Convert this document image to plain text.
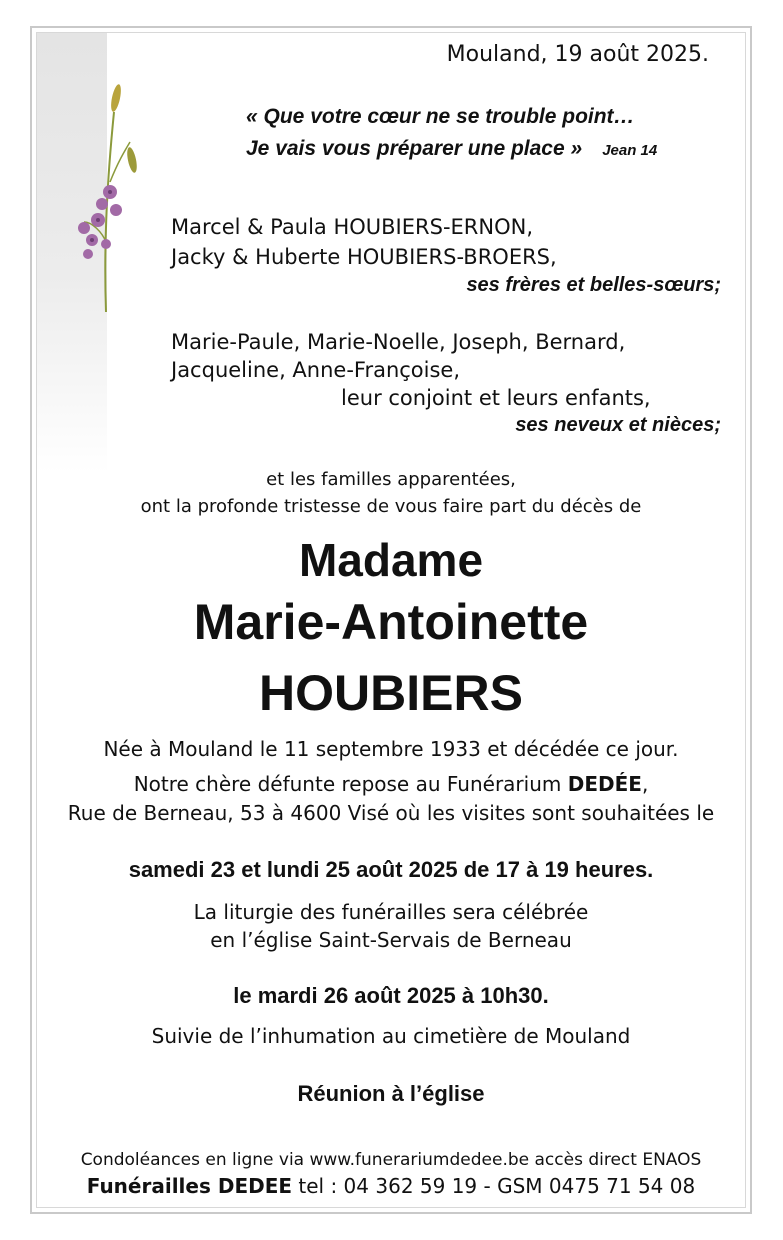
Mouland, 19 août 2025.
« Que votre cœur ne se trouble point…
Je vais vous préparer une place » Jean 14
Marcel & Paula HOUBIERS-ERNON,
Jacky & Huberte HOUBIERS-BROERS,
ses frères et belles-sœurs;
Marie-Paule, Marie-Noelle, Joseph, Bernard,
Jacqueline, Anne-Françoise,
leur conjoint et leurs enfants,
ses neveux et nièces;
et les familles apparentées,
ont la profonde tristesse de vous faire part du décès de
Madame
Marie-Antoinette
HOUBIERS
Née à Mouland le 11 septembre 1933 et décédée ce jour.
Notre chère défunte repose au Funérarium DEDÉE,
Rue de Berneau, 53 à 4600 Visé où les visites sont souhaitées le
samedi 23 et lundi 25 août 2025 de 17 à 19 heures.
La liturgie des funérailles sera célébrée
en l’église Saint-Servais de Berneau
le mardi 26 août 2025 à 10h30.
Suivie de l’inhumation au cimetière de Mouland
Réunion à l’église
Condoléances en ligne via www.funerariumdedee.be accès direct ENAOS
Funérailles DEDEE tel : 04 362 59 19 - GSM 0475 71 54 08
